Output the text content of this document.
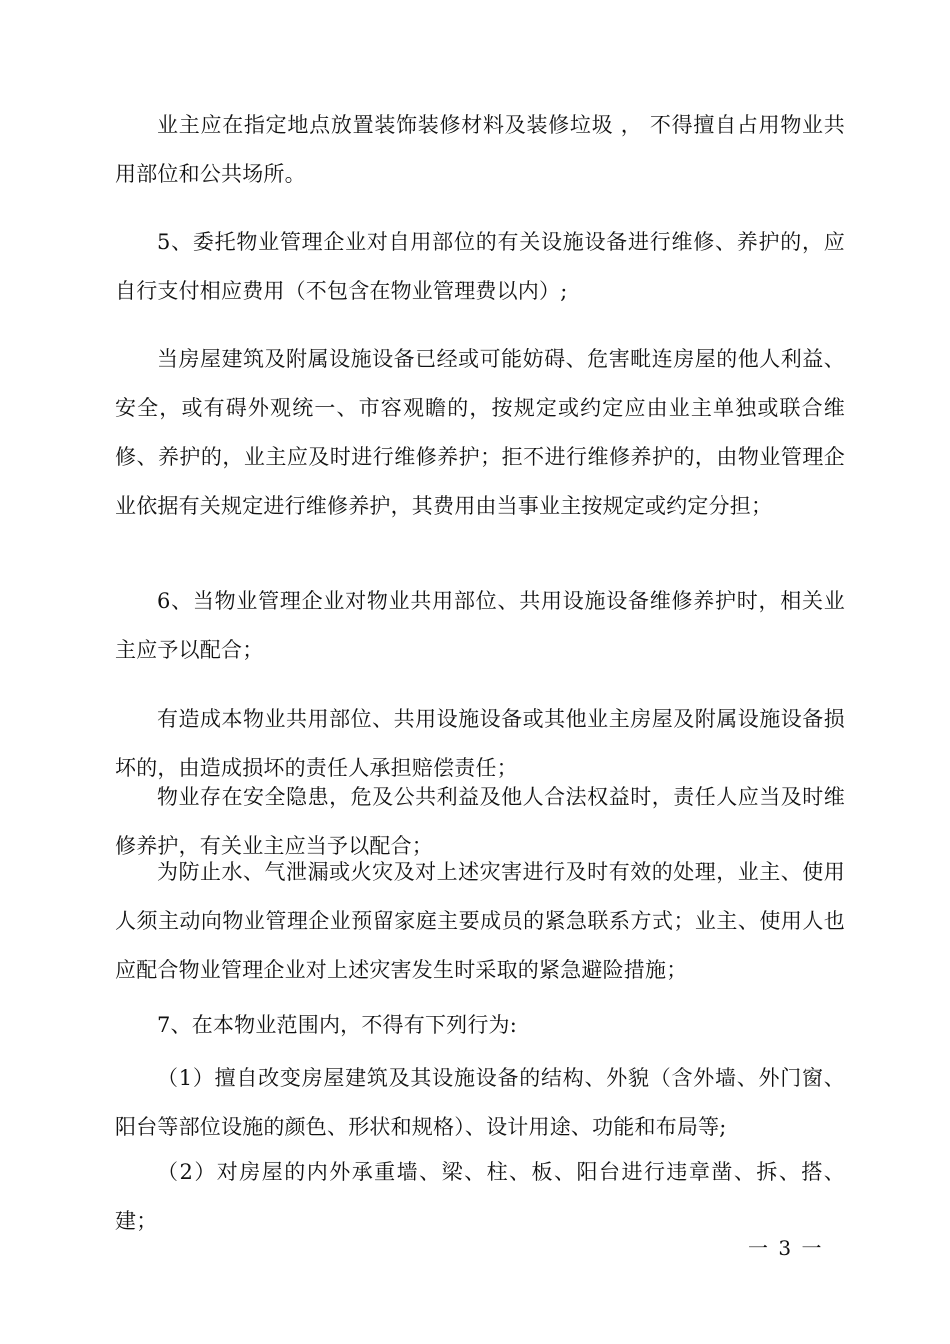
业主应在指定地点放置装饰装修材料及装修垃圾 ， 不得擅自占用物业共用部位和公共场所。

5、委托物业管理企业对自用部位的有关设施设备进行维修、养护的，应自行支付相应费用（不包含在物业管理费以内）;

当房屋建筑及附属设施设备已经或可能妨碍、危害毗连房屋的他人利益、安全，或有碍外观统一、市容观瞻的，按规定或约定应由业主单独或联合维修、养护的，业主应及时进行维修养护；拒不进行维修养护的，由物业管理企业依据有关规定进行维修养护，其费用由当事业主按规定或约定分担；

6、当物业管理企业对物业共用部位、共用设施设备维修养护时，相关业主应予以配合；

有造成本物业共用部位、共用设施设备或其他业主房屋及附属设施设备损坏的，由造成损坏的责任人承担赔偿责任；

物业存在安全隐患，危及公共利益及他人合法权益时，责任人应当及时维修养护，有关业主应当予以配合；

为防止水、气泄漏或火灾及对上述灾害进行及时有效的处理，业主、使用人须主动向物业管理企业预留家庭主要成员的紧急联系方式；业主、使用人也应配合物业管理企业对上述灾害发生时采取的紧急避险措施；

7、在本物业范围内，不得有下列行为:

（1）擅自改变房屋建筑及其设施设备的结构、外貌（含外墙、外门窗、阳台等部位设施的颜色、形状和规格）、设计用途、功能和布局等;

（2）对房屋的内外承重墙、梁、柱、板、阳台进行违章凿、拆、搭、建；

一 3 一
